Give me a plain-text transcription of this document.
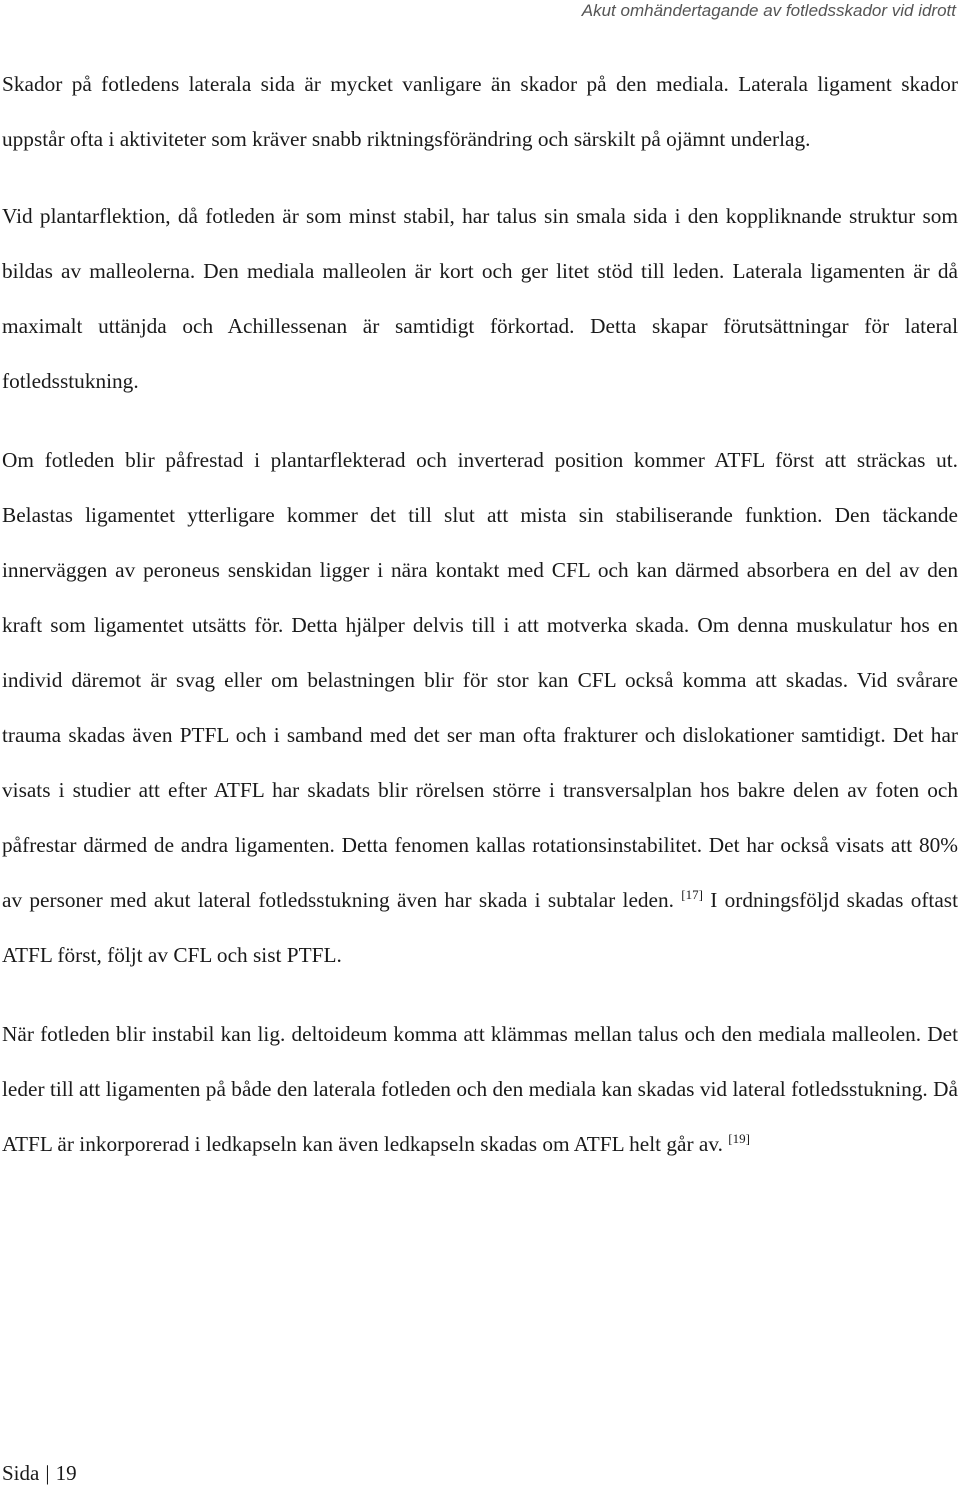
Akut omhändertagande av fotledsskador vid idrott

Skador på fotledens laterala sida är mycket vanligare än skador på den mediala. Laterala ligament skador uppstår ofta i aktiviteter som kräver snabb riktningsförändring och särskilt på ojämnt underlag.

Vid plantarflektion, då fotleden är som minst stabil, har talus sin smala sida i den koppliknande struktur som bildas av malleolerna. Den mediala malleolen är kort och ger litet stöd till leden. Laterala ligamenten är då maximalt uttänjda och Achillessenan är samtidigt förkortad. Detta skapar förutsättningar för lateral fotledsstukning.

Om fotleden blir påfrestad i plantarflekterad och inverterad position kommer ATFL först att sträckas ut. Belastas ligamentet ytterligare kommer det till slut att mista sin stabiliserande funktion. Den täckande innerväggen av peroneus senskidan ligger i nära kontakt med CFL och kan därmed absorbera en del av den kraft som ligamentet utsätts för. Detta hjälper delvis till i att motverka skada. Om denna muskulatur hos en individ däremot är svag eller om belastningen blir för stor kan CFL också komma att skadas. Vid svårare trauma skadas även PTFL och i samband med det ser man ofta frakturer och dislokationer samtidigt. Det har visats i studier att efter ATFL har skadats blir rörelsen större i transversalplan hos bakre delen av foten och påfrestar därmed de andra ligamenten. Detta fenomen kallas rotationsinstabilitet. Det har också visats att 80% av personer med akut lateral fotledsstukning även har skada i subtalar leden. [17] I ordningsföljd skadas oftast ATFL först, följt av CFL och sist PTFL.

När fotleden blir instabil kan lig. deltoideum komma att klämmas mellan talus och den mediala malleolen. Det leder till att ligamenten på både den laterala fotleden och den mediala kan skadas vid lateral fotledsstukning. Då ATFL är inkorporerad i ledkapseln kan även ledkapseln skadas om ATFL helt går av. [19]

Sida | 19
